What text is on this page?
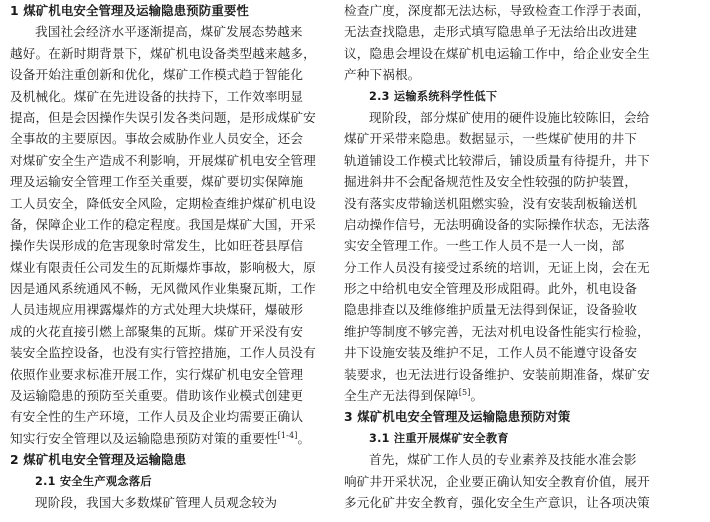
1 煤矿机电安全管理及运输隐患预防重要性
我国社会经济水平逐渐提高，煤矿发展态势越来
越好。在新时期背景下，煤矿机电设备类型越来越多，
设备开始注重创新和优化，煤矿工作模式趋于智能化
及机械化。煤矿在先进设备的扶持下，工作效率明显
提高，但是会因操作失误引发各类问题，是形成煤矿安
全事故的主要原因。事故会威胁作业人员安全，还会
对煤矿安全生产造成不利影响，开展煤矿机电安全管理
理及运输安全管理工作至关重要，煤矿要切实保障施
工人员安全，降低安全风险，定期检查维护煤矿机电设
备，保障企业工作的稳定程度。我国是煤矿大国，开采
操作失误形成的危害现象时常发生，比如旺苍县厚信
煤业有限责任公司发生的瓦斯爆炸事故，影响极大，原
因是通风系统通风不畅，无风微风作业集聚瓦斯，工作
人员违规应用裸露爆炸的方式处理大块煤矸，爆破形
成的火花直接引燃上部聚集的瓦斯。煤矿开采没有安
装安全监控设备，也没有实行管控措施，工作人员没有
依照作业要求标准开展工作，实行煤矿机电安全管理
及运输隐患的预防至关重要。借助该作业模式创建更
有安全性的生产环境，工作人员及企业均需要正确认
知实行安全管理以及运输隐患预防对策的重要性[1-4]。
2 煤矿机电安全管理及运输隐患
2.1 安全生产观念落后
现阶段，我国大多数煤矿管理人员观念较为
检查广度，深度都无法达标，导致检查工作浮于表面，
无法查找隐患，走形式填写隐患单子无法给出改进建
议，隐患会埋设在煤矿机电运输工作中，给企业安全生
产种下祸根。
2.3 运输系统科学性低下
现阶段，部分煤矿使用的硬件设施比较陈旧，会给
煤矿开采带来隐患。数据显示，一些煤矿使用的井下
轨道铺设工作模式比较滞后，铺设质量有待提升，井下
掘进斜井不会配备规范性及安全性较强的防护装置，
没有落实皮带输送机阻燃实验，没有安装刮板输送机
启动操作信号，无法明确设备的实际操作状态，无法落
实安全管理工作。一些工作人员不是一人一岗，部
分工作人员没有接受过系统的培训，无证上岗，会在无
形之中给机电安全管理及形成阻碍。此外，机电设备
隐患排查以及维修维护质量无法得到保证，设备验收
维护等制度不够完善，无法对机电设备性能实行检验，
井下设施安装及维护不足，工作人员不能遵守设备安
装要求，也无法进行设备维护、安装前期准备，煤矿安
全生产无法得到保障[5]。
3 煤矿机电安全管理及运输隐患预防对策
3.1 注重开展煤矿安全教育
首先，煤矿工作人员的专业素养及技能水准会影
响矿井开采状况，企业要正确认知安全教育价值，展开
多元化矿井安全教育，强化安全生产意识，让各项决策
